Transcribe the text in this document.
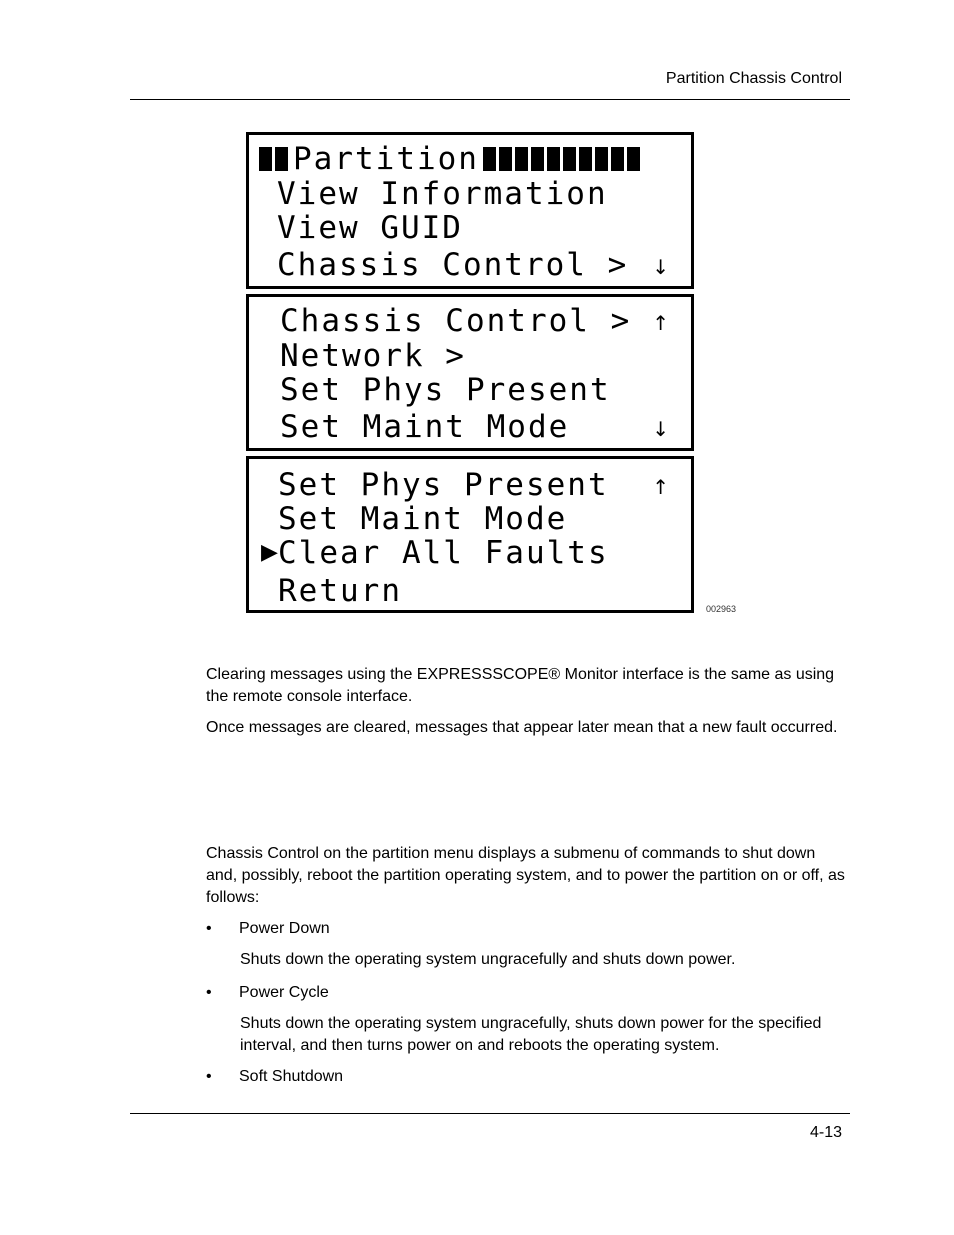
Partition Chassis Control
Partition

View Information

View GUID

Chassis Control >

↓

Chassis Control >

↑

Network >

Set Phys Present

Set Maint Mode

	↓

Set Phys Present

↑

Set Maint Mode

▶

Clear All Faults

Return

	002963
Clearing messages using the EXPRESSSCOPE® Monitor interface is the same as using the remote console interface.
Once messages are cleared, messages that appear later mean that a new fault occurred.
Chassis Control on the partition menu displays a submenu of commands to shut down and, possibly, reboot the partition operating system, and to power the partition on or off, as follows:
• Power Down
Shuts down the operating system ungracefully and shuts down power.
• Power Cycle
Shuts down the operating system ungracefully, shuts down power for the specified interval, and then turns power on and reboots the operating system.
• Soft Shutdown
4-13
